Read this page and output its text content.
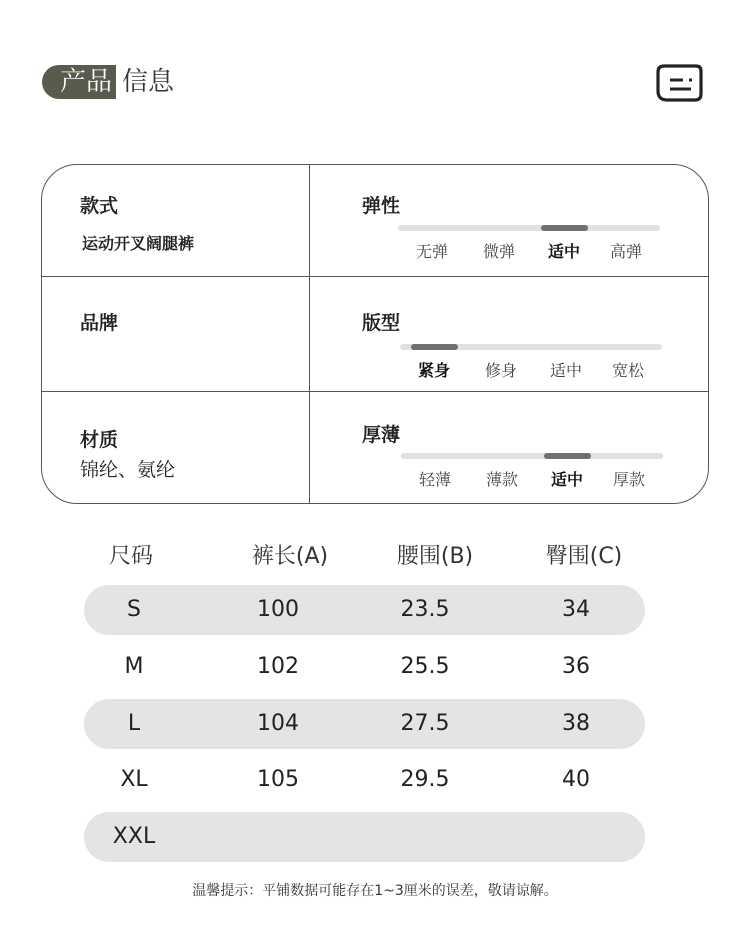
产品 信息
款式
运动开叉阔腿裤
弹性
无弹 微弹 适中 高弹
品牌	版型
紧身 修身 适中 宽松
材质
锦纶、氨纶
厚薄
轻薄 薄款 适中 厚款
尺码	裤长(A)	腰围(B)	臀围(C)
S	100	23.5	34
M	102	25.5	36
L	104	27.5	38
XL	105	29.5	40
XXL
温馨提示：平铺数据可能存在1~3厘米的误差，敬请谅解。
